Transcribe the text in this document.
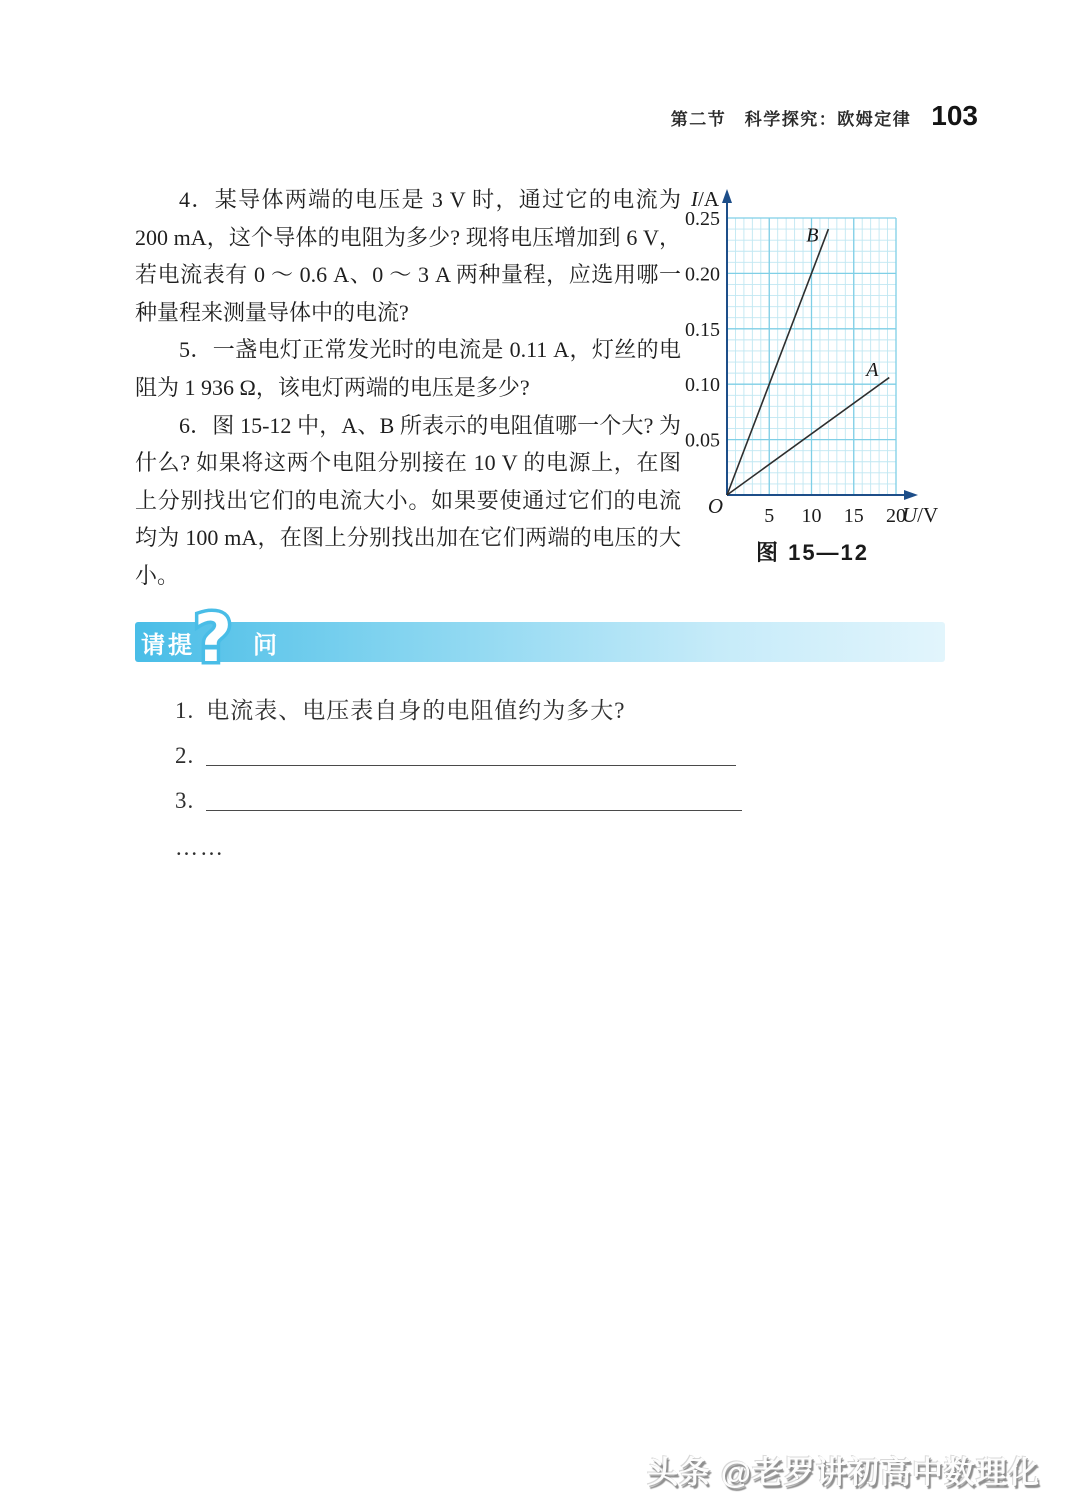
第二节　科学探究：欧姆定律 103

4．某导体两端的电压是 3 V 时，通过它的电流为 200 mA，这个导体的电阻为多少? 现将电压增加到 6 V，若电流表有 0 ～ 0.6 A、0 ～ 3 A 两种量程，应选用哪一种量程来测量导体中的电流?

5．一盏电灯正常发光时的电流是 0.11 A，灯丝的电阻为 1 936 Ω，该电灯两端的电压是多少?

6．图 15-12 中，A、B 所表示的电阻值哪一个大? 为什么? 如果将这两个电阻分别接在 10 V 的电源上，在图上分别找出它们的电流大小。如果要使通过它们的电流均为 100 mA，在图上分别找出加在它们两端的电压的大小。

0.05
0.10
0.15
0.20
0.25
5 10 15 20
I/A
U/V
O
B
A
图 15—12
请提 问
?
1. 电流表、电压表自身的电阻值约为多大?
2.
3.
……
头条 @老罗讲初高中数理化
